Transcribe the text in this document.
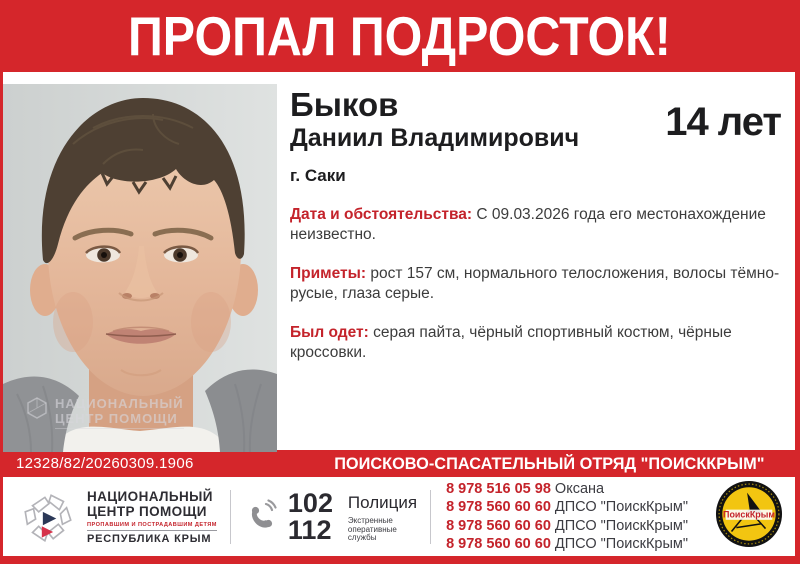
ПРОПАЛ ПОДРОСТОК!
НАЦИОНАЛЬНЫЙ
ЦЕНТР ПОМОЩИ
Быков
Даниил Владимирович 14 лет
г. Саки

Дата и обстоятельства: С 09.03.2026 года его местонахождение неизвестно.

Приметы: рост 157 см, нормального телосложения, волосы тёмно-русые, глаза серые.

Был одет: серая пайта, чёрный спортивный костюм, чёрные кроссовки.

12328/82/20260309.1906	ПОИСКОВО-СПАСАТЕЛЬНЫЙ ОТРЯД "ПОИСККРЫМ"
НАЦИОНАЛЬНЫЙ
ЦЕНТР ПОМОЩИ
ПРОПАВШИМ И ПОСТРАДАВШИМ ДЕТЯМ
РЕСПУБЛИКА КРЫМ
102 Полиция
112	Экстренные оперативные службы
8 978 516 05 98 Оксана
8 978 560 60 60 ДПСО "ПоискКрым"
8 978 560 60 60 ДПСО "ПоискКрым"
8 978 560 60 60 ДПСО "ПоискКрым"
ПоискКрым
